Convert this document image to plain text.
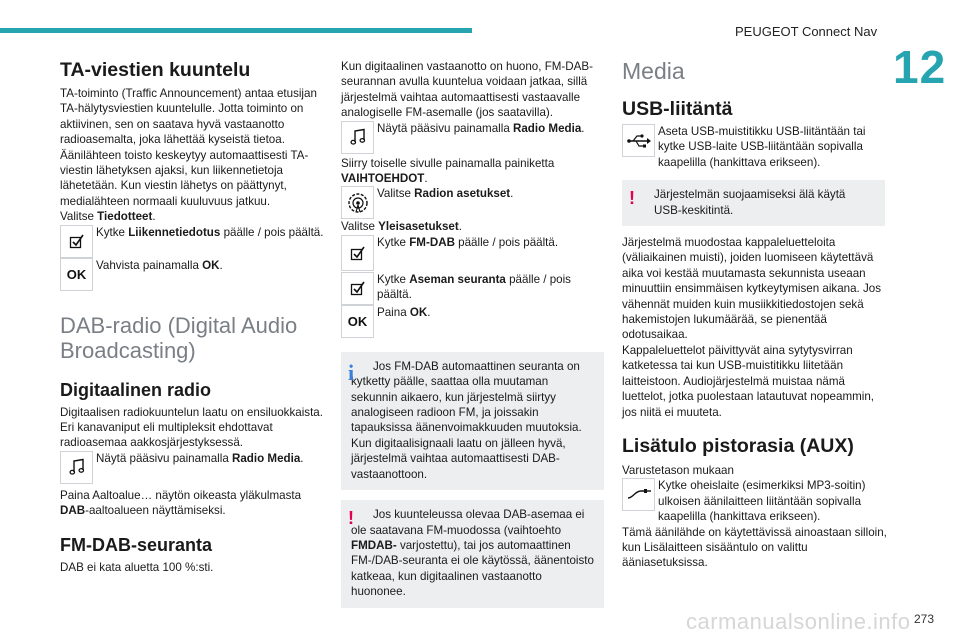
PEUGEOT Connect Nav
12
TA-viestien kuuntelu

TA-toiminto (Traffic Announcement) antaa etusijan TA-hälytysviestien kuuntelulle. Jotta toiminto on aktiivinen, sen on saatava hyvä vastaanotto radioasemalta, joka lähettää kyseistä tietoa. Äänilähteen toisto keskeytyy automaattisesti TA-viestin lähetyksen ajaksi, kun liikennetietoja lähetetään. Kun viestin lähetys on päättynyt, medialähteen normaali kuuluvuus jatkuu.

Valitse Tiedotteet.

Kytke Liikennetiedotus päälle / pois päältä.

OK

Vahvista painamalla OK.

DAB-radio (Digital Audio Broadcasting)
Digitaalinen radio

Digitaalisen radiokuuntelun laatu on ensiluokkaista.

Eri kanavaniput eli multipleksit ehdottavat radioasemaa aakkosjärjestyksessä.

Näytä pääsivu painamalla Radio Media.

Paina Aaltoalue… näytön oikeasta yläkulmasta DAB-aaltoalueen näyttämiseksi.

FM-DAB-seuranta

DAB ei kata aluetta 100 %:sti.

Kun digitaalinen vastaanotto on huono, FM-DAB-seurannan avulla kuuntelua voidaan jatkaa, sillä järjestelmä vaihtaa automaattisesti vastaavalle analogiselle FM-asemalle (jos saatavilla).

Näytä pääsivu painamalla Radio Media.

Siirry toiselle sivulle painamalla painiketta VAIHTOEHDOT.

Valitse Radion asetukset.

Valitse Yleisasetukset.

Kytke FM-DAB päälle / pois päältä.

Kytke Aseman seuranta päälle / pois päältä.

OK

Paina OK.

i	Jos FM-DAB automaattinen seuranta on kytketty päälle, saattaa olla muutaman sekunnin aikaero, kun järjestelmä siirtyy analogiseen radioon FM, ja joissakin tapauksissa äänenvoimakkuuden muutoksia. Kun digitaalisignaali laatu on jälleen hyvä, järjestelmä vaihtaa automaattisesti DAB-vastaanottoon.

!	Jos kuunteleussa olevaa DAB-asemaa ei ole saatavana FM-muodossa (vaihtoehto FMDAB- varjostettu), tai jos automaattinen FM-/DAB-seuranta ei ole käytössä, äänentoisto katkeaa, kun digitaalinen vastaanotto huononee.

Media
USB-liitäntä

Aseta USB-muistitikku USB-liitäntään tai kytke USB-laite USB-liitäntään sopivalla kaapelilla (hankittava erikseen).

!	Järjestelmän suojaamiseksi älä käytä USB-keskitintä.

Järjestelmä muodostaa kappaleluetteloita (väliaikainen muisti), joiden luomiseen käytettävä aika voi kestää muutamasta sekunnista useaan minuuttiin ensimmäisen kytkeytymisen aikana. Jos vähennät muiden kuin musiikkitiedostojen sekä hakemistojen lukumäärää, se pienentää odotusaikaa.

Kappaleluettelot päivittyvät aina sytytysvirran katketessa tai kun USB-muistitikku liitetään laitteistoon. Audiojärjestelmä muistaa nämä luettelot, jotka puolestaan latautuvat nopeammin, jos niitä ei muuteta.

Lisätulo pistorasia (AUX)

Varustetason mukaan

Kytke oheislaite (esimerkiksi MP3-soitin) ulkoisen äänilaitteen liitäntään sopivalla kaapelilla (hankittava erikseen).

Tämä äänilähde on käytettävissä ainoastaan silloin, kun Lisälaitteen sisääntulo on valittu ääniasetuksissa.

carmanualsonline.info 273
